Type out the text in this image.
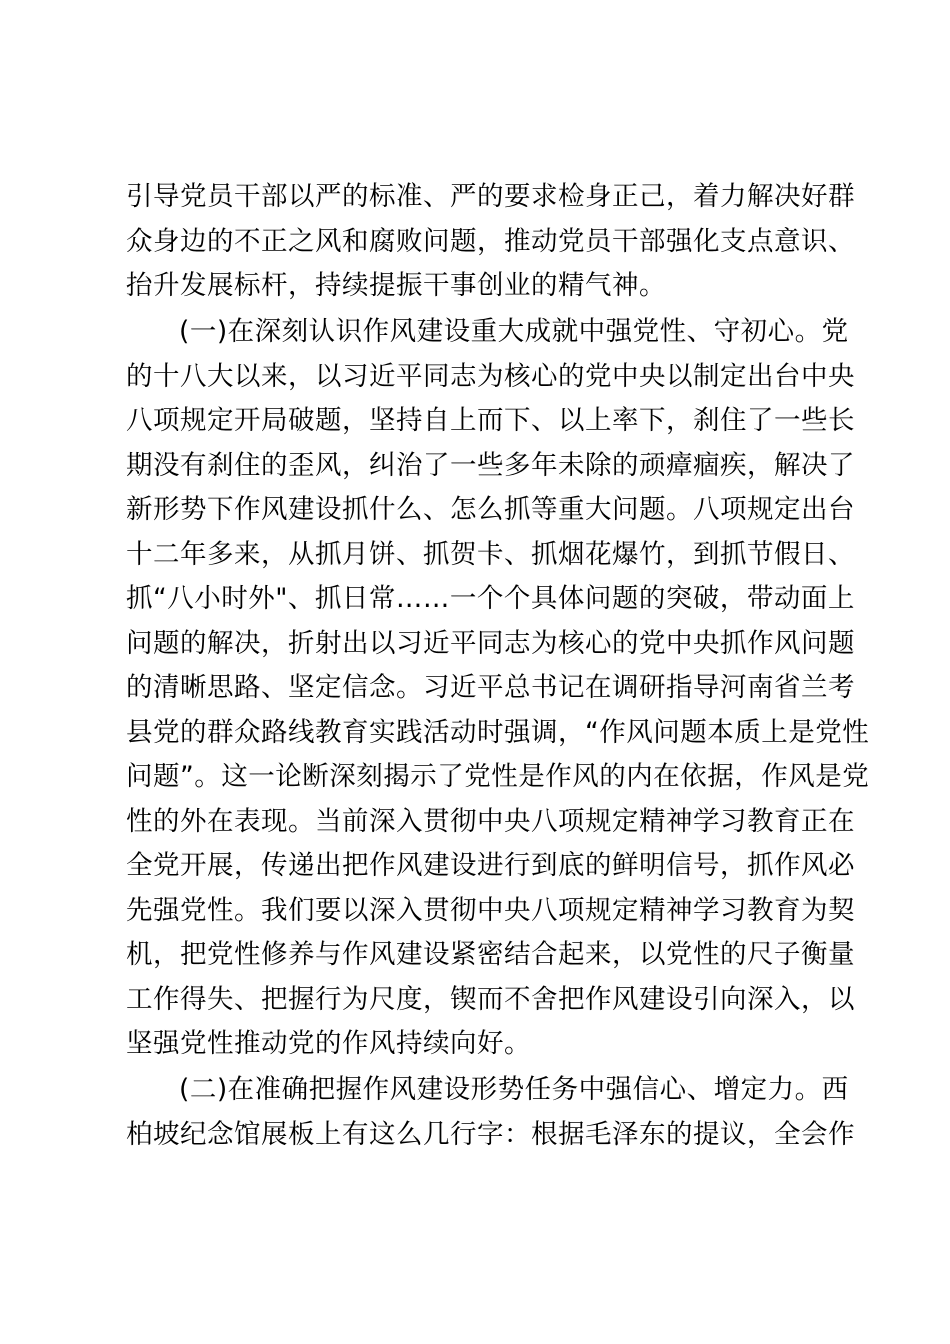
引导党员干部以严的标准、严的要求检身正己，着力解决好群
众身边的不正之风和腐败问题，推动党员干部强化支点意识、
抬升发展标杆，持续提振干事创业的精气神。
(一)在深刻认识作风建设重大成就中强党性、守初心。党
的十八大以来，以习近平同志为核心的党中央以制定出台中央
八项规定开局破题，坚持自上而下、以上率下，刹住了一些长
期没有刹住的歪风，纠治了一些多年未除的顽瘴痼疾，解决了
新形势下作风建设抓什么、怎么抓等重大问题。八项规定出台
十二年多来，从抓月饼、抓贺卡、抓烟花爆竹，到抓节假日、
抓“八小时外"、抓日常……一个个具体问题的突破，带动面上
问题的解决，折射出以习近平同志为核心的党中央抓作风问题
的清晰思路、坚定信念。习近平总书记在调研指导河南省兰考
县党的群众路线教育实践活动时强调，“作风问题本质上是党性
问题”。这一论断深刻揭示了党性是作风的内在依据，作风是党
性的外在表现。当前深入贯彻中央八项规定精神学习教育正在
全党开展，传递出把作风建设进行到底的鲜明信号，抓作风必
先强党性。我们要以深入贯彻中央八项规定精神学习教育为契
机，把党性修养与作风建设紧密结合起来，以党性的尺子衡量
工作得失、把握行为尺度，锲而不舍把作风建设引向深入，以
坚强党性推动党的作风持续向好。
(二)在准确把握作风建设形势任务中强信心、增定力。西
柏坡纪念馆展板上有这么几行字：根据毛泽东的提议，全会作
